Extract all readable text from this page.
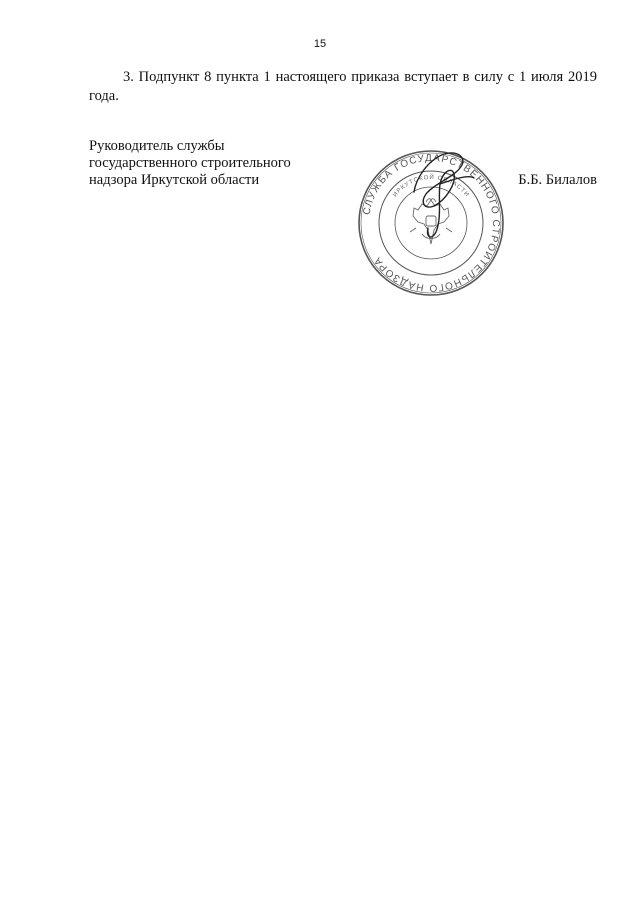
15

3. Подпункт 8 пункта 1 настоящего приказа вступает в силу с 1 июля 2019 года.

Руководитель службы
государственного строительного
надзора Иркутской области
СЛУЖБА ГОСУДАРСТВЕННОГО СТРОИТЕЛЬНОГО НАДЗОРА
ИРКУТСКОЙ ОБЛАСТИ
Б.Б. Билалов
